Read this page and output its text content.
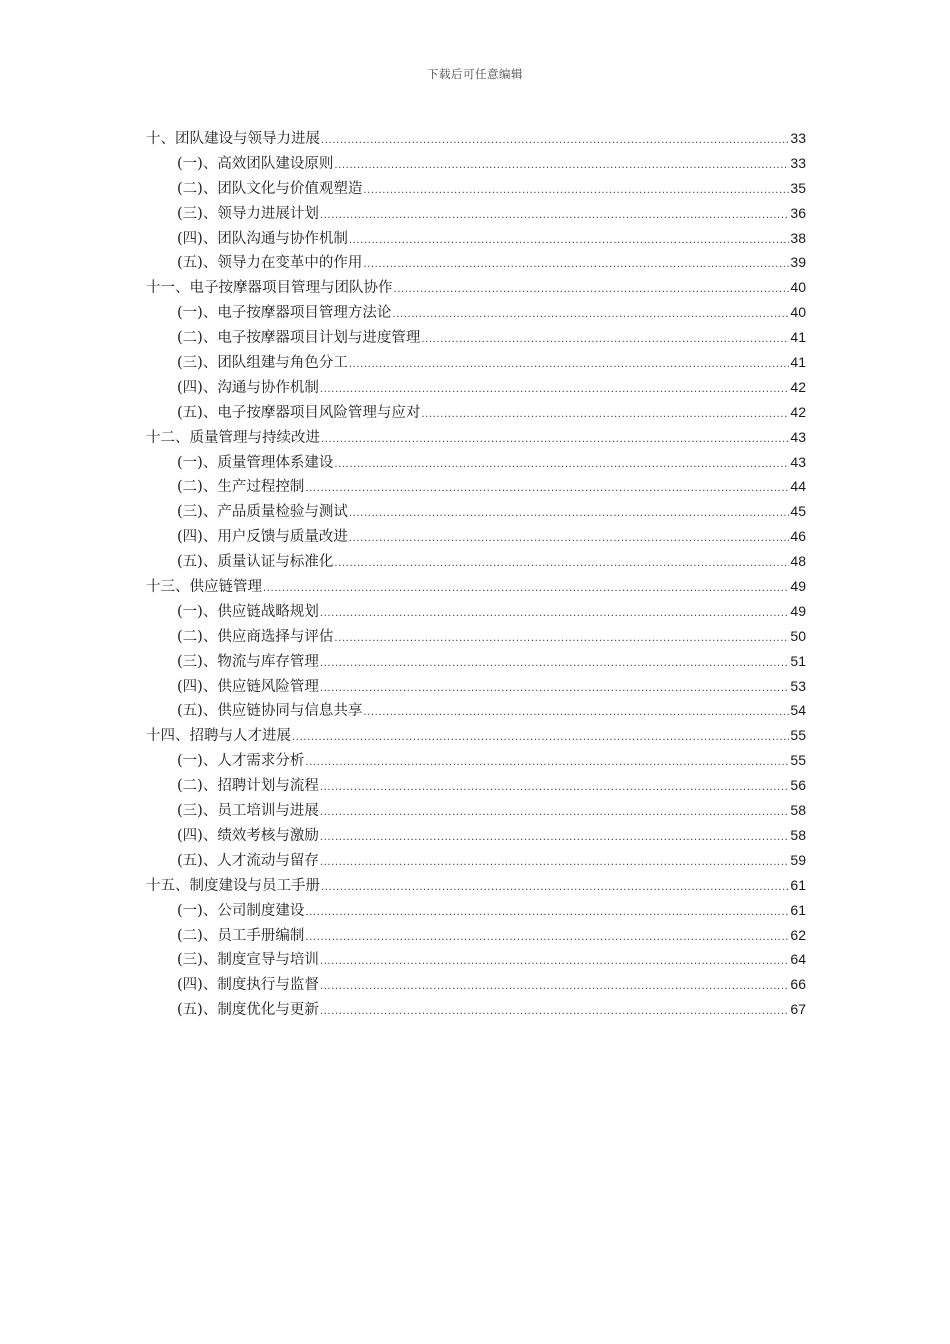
下载后可任意编辑
十、团队建设与领导力进展 .....	33
(一)、高效团队建设原则 .....	33
(二)、团队文化与价值观塑造 .....	35
(三)、领导力进展计划 .....	36
(四)、团队沟通与协作机制 .....	38
(五)、领导力在变革中的作用 .....	39
十一、电子按摩器项目管理与团队协作 .....	40
(一)、电子按摩器项目管理方法论 .....	40
(二)、电子按摩器项目计划与进度管理 .....	41
(三)、团队组建与角色分工 .....	41
(四)、沟通与协作机制 .....	42
(五)、电子按摩器项目风险管理与应对 .....	42
十二、质量管理与持续改进 .....	43
(一)、质量管理体系建设 .....	43
(二)、生产过程控制 .....	44
(三)、产品质量检验与测试 .....	45
(四)、用户反馈与质量改进 .....	46
(五)、质量认证与标准化 .....	48
十三、供应链管理 .....	49
(一)、供应链战略规划 .....	49
(二)、供应商选择与评估 .....	50
(三)、物流与库存管理 .....	51
(四)、供应链风险管理 .....	53
(五)、供应链协同与信息共享 .....	54
十四、招聘与人才进展 .....	55
(一)、人才需求分析 .....	55
(二)、招聘计划与流程 .....	56
(三)、员工培训与进展 .....	58
(四)、绩效考核与激励 .....	58
(五)、人才流动与留存 .....	59
十五、制度建设与员工手册 .....	61
(一)、公司制度建设 .....	61
(二)、员工手册编制 .....	62
(三)、制度宣导与培训 .....	64
(四)、制度执行与监督 .....	66
(五)、制度优化与更新 .....	67
